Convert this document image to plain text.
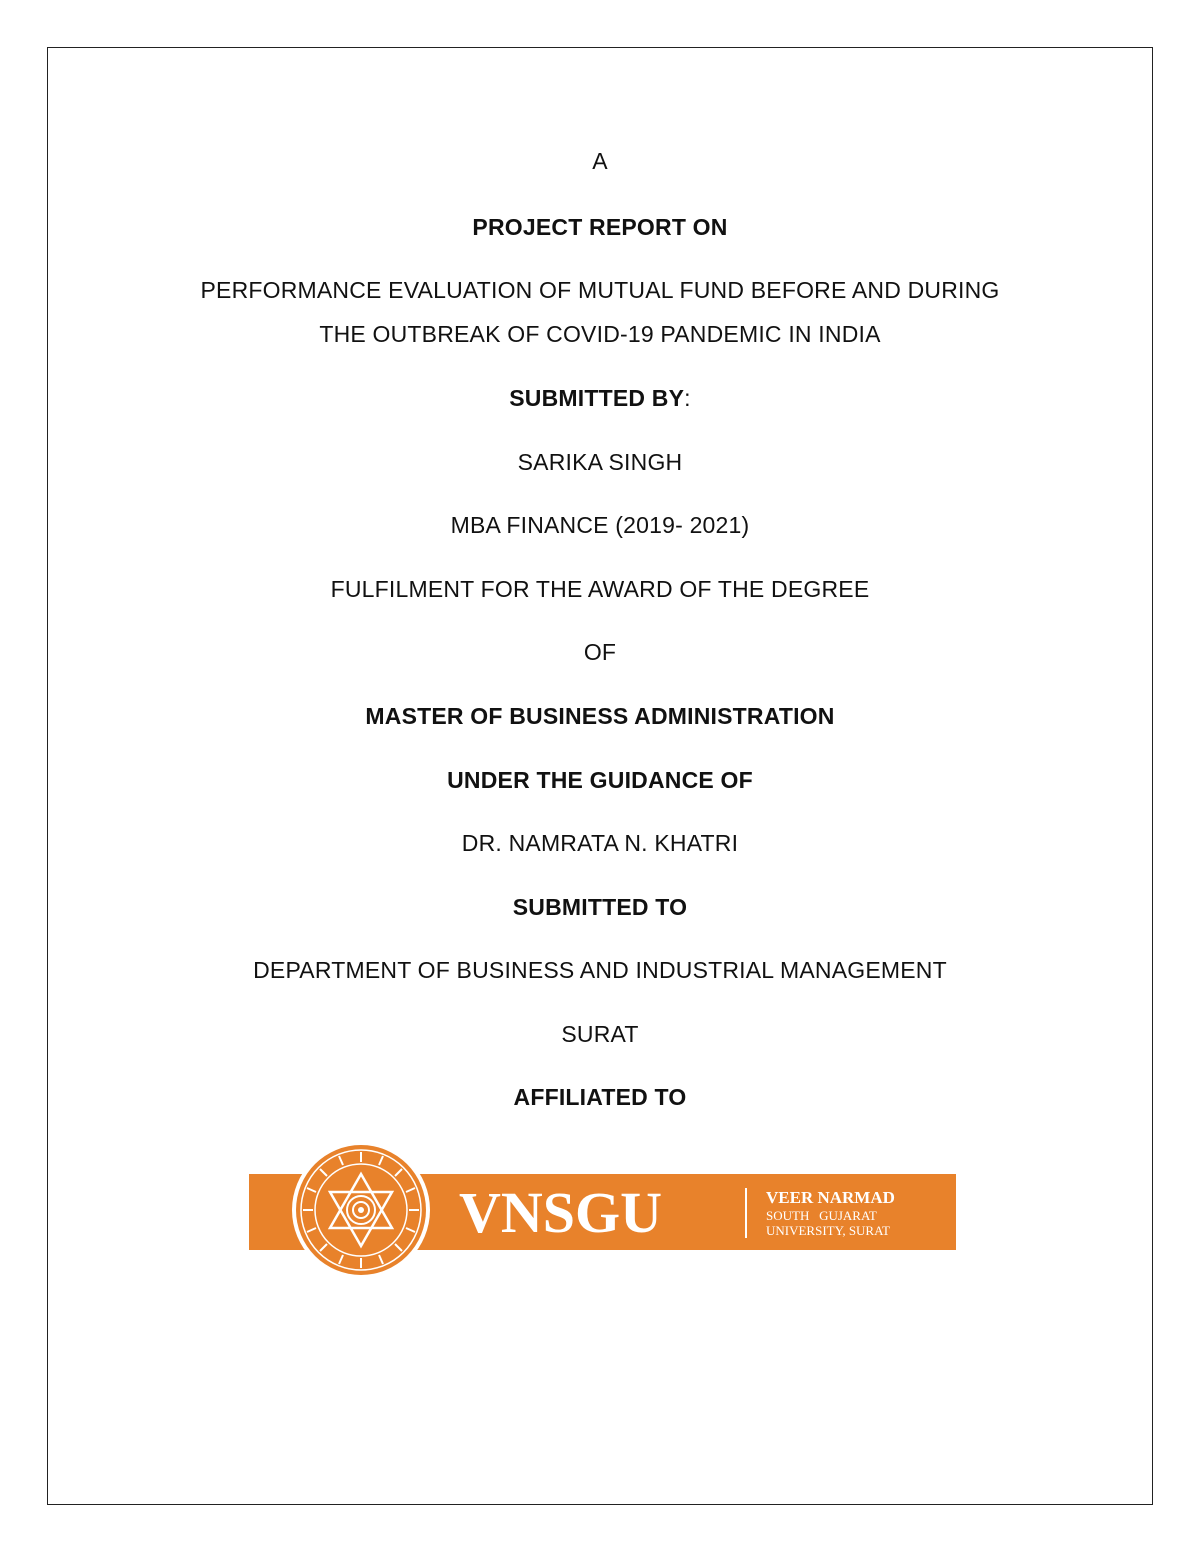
A
PROJECT REPORT ON
PERFORMANCE EVALUATION OF MUTUAL FUND BEFORE AND DURING
THE OUTBREAK OF COVID-19 PANDEMIC IN INDIA
SUBMITTED BY:
SARIKA SINGH
MBA FINANCE (2019- 2021)
FULFILMENT FOR THE AWARD OF THE DEGREE
OF
MASTER OF BUSINESS ADMINISTRATION
UNDER THE GUIDANCE OF
DR. NAMRATA N. KHATRI
SUBMITTED TO
DEPARTMENT OF BUSINESS AND INDUSTRIAL MANAGEMENT
SURAT
AFFILIATED TO
VNSGU	VEER NARMAD
SOUTH   GUJARAT
UNIVERSITY, SURAT
